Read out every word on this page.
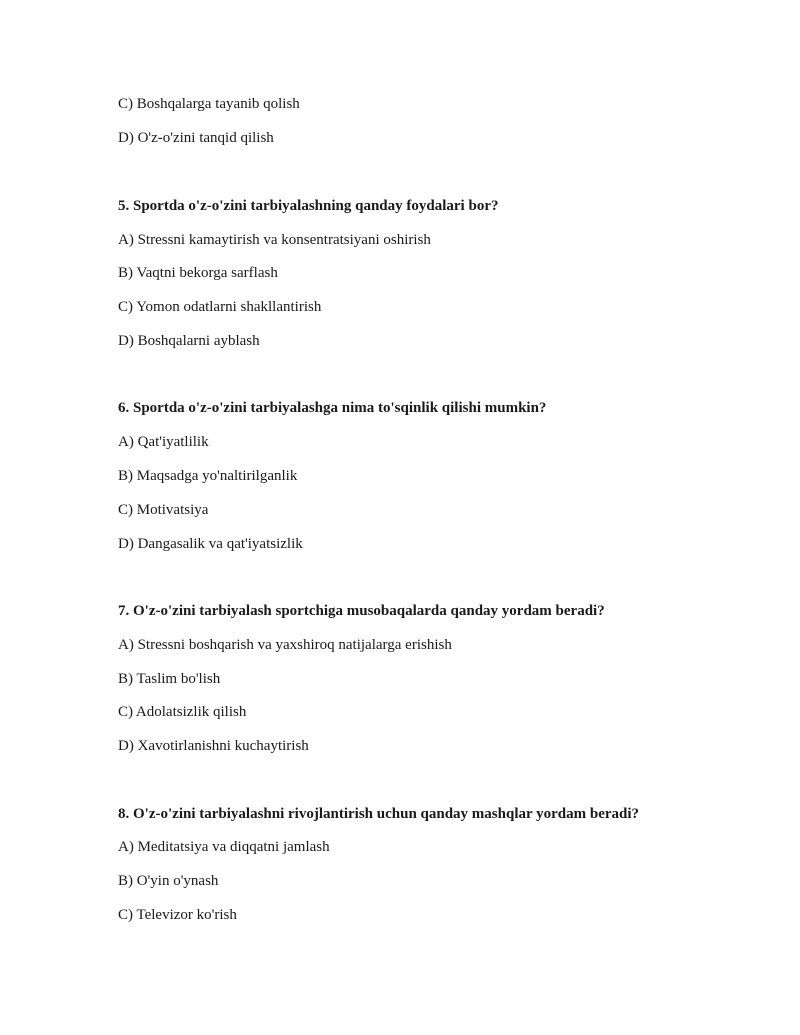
C) Boshqalarga tayanib qolish
D) O'z-o'zini tanqid qilish
5. Sportda o'z-o'zini tarbiyalashning qanday foydalari bor?
A) Stressni kamaytirish va konsentratsiyani oshirish
B) Vaqtni bekorga sarflash
C) Yomon odatlarni shakllantirish
D) Boshqalarni ayblash
6. Sportda o'z-o'zini tarbiyalashga nima to'sqinlik qilishi mumkin?
A) Qat'iyatlilik
B) Maqsadga yo'naltirilganlik
C) Motivatsiya
D) Dangasalik va qat'iyatsizlik
7. O'z-o'zini tarbiyalash sportchiga musobaqalarda qanday yordam beradi?
A) Stressni boshqarish va yaxshiroq natijalarga erishish
B) Taslim bo'lish
C) Adolatsizlik qilish
D) Xavotirlanishni kuchaytirish
8. O'z-o'zini tarbiyalashni rivojlantirish uchun qanday mashqlar yordam beradi?
A) Meditatsiya va diqqatni jamlash
B) O'yin o'ynash
C) Televizor ko'rish
